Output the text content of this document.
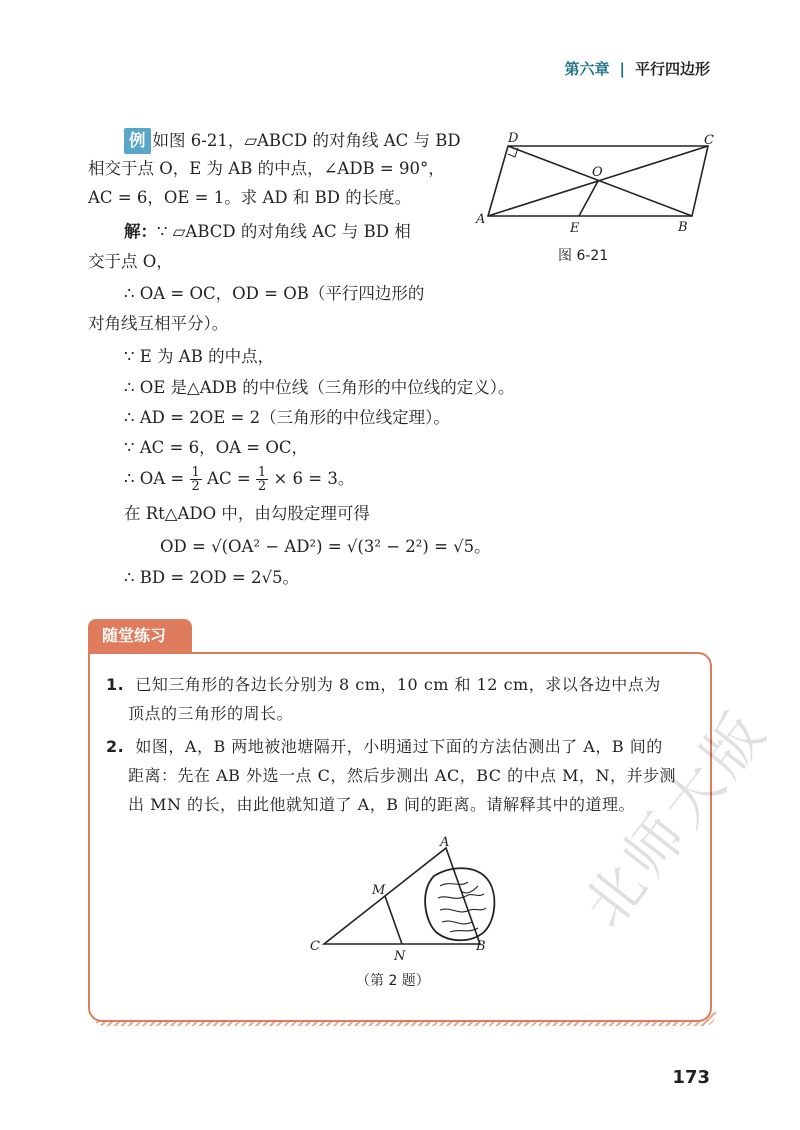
第六章 | 平行四边形
例 如图 6-21，▱ABCD 的对角线 AC 与 BD
相交于点 O，E 为 AB 的中点，∠ADB = 90°，
AC = 6，OE = 1。求 AD 和 BD 的长度。
解：∵ ▱ABCD 的对角线 AC 与 BD 相
交于点 O，
∴ OA = OC，OD = OB（平行四边形的
对角线互相平分）。
∵ E 为 AB 的中点，
∴ OE 是△ADB 的中位线（三角形的中位线的定义）。
∴ AD = 2OE = 2（三角形的中位线定理）。
∵ AC = 6，OA = OC，
∴ OA = $\frac{1}{2}$ AC = $\frac{1}{2} \times 6 = 3$。
在 Rt△ADO 中，由勾股定理可得
OD = √(OA² − AD²) = √(3² − 2²) = √5。
∴ BD = 2OD = 2√5。
A
B
C
D
E
O
图 6-21
随堂练习
1. 已知三角形的各边长分别为 8 cm，10 cm 和 12 cm，求以各边中点为
顶点的三角形的周长。
2. 如图，A，B 两地被池塘隔开，小明通过下面的方法估测出了 A，B 间的
距离：先在 AB 外选一点 C，然后步测出 AC，BC 的中点 M，N，并步测
出 MN 的长，由此他就知道了 A，B 间的距离。请解释其中的道理。
C	B
A
M
N
（第 2 题）
北师大版
173
